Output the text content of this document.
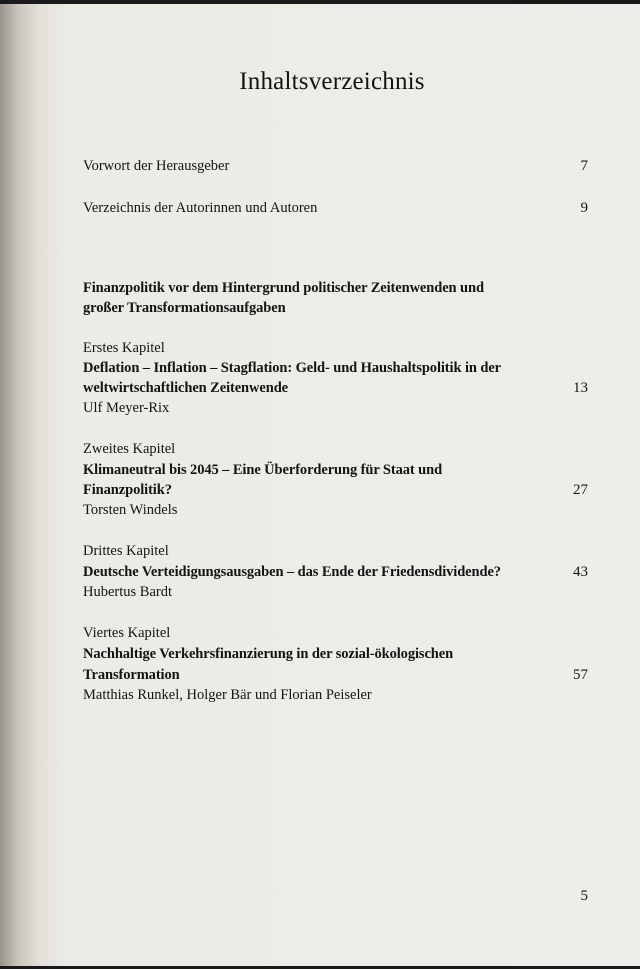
Inhaltsverzeichnis
Vorwort der Herausgeber	7
Verzeichnis der Autorinnen und Autoren	9
Finanzpolitik vor dem Hintergrund politischer Zeitenwenden und
großer Transformationsaufgaben
Erstes Kapitel
Deflation – Inflation – Stagflation: Geld- und Haushaltspolitik in der
weltwirtschaftlichen Zeitenwende	13
Ulf Meyer-Rix
Zweites Kapitel
Klimaneutral bis 2045 – Eine Überforderung für Staat und
Finanzpolitik?	27
Torsten Windels
Drittes Kapitel
Deutsche Verteidigungsausgaben – das Ende der Friedensdividende?	43
Hubertus Bardt
Viertes Kapitel
Nachhaltige Verkehrsfinanzierung in der sozial-ökologischen
Transformation	57
Matthias Runkel, Holger Bär und Florian Peiseler
5
